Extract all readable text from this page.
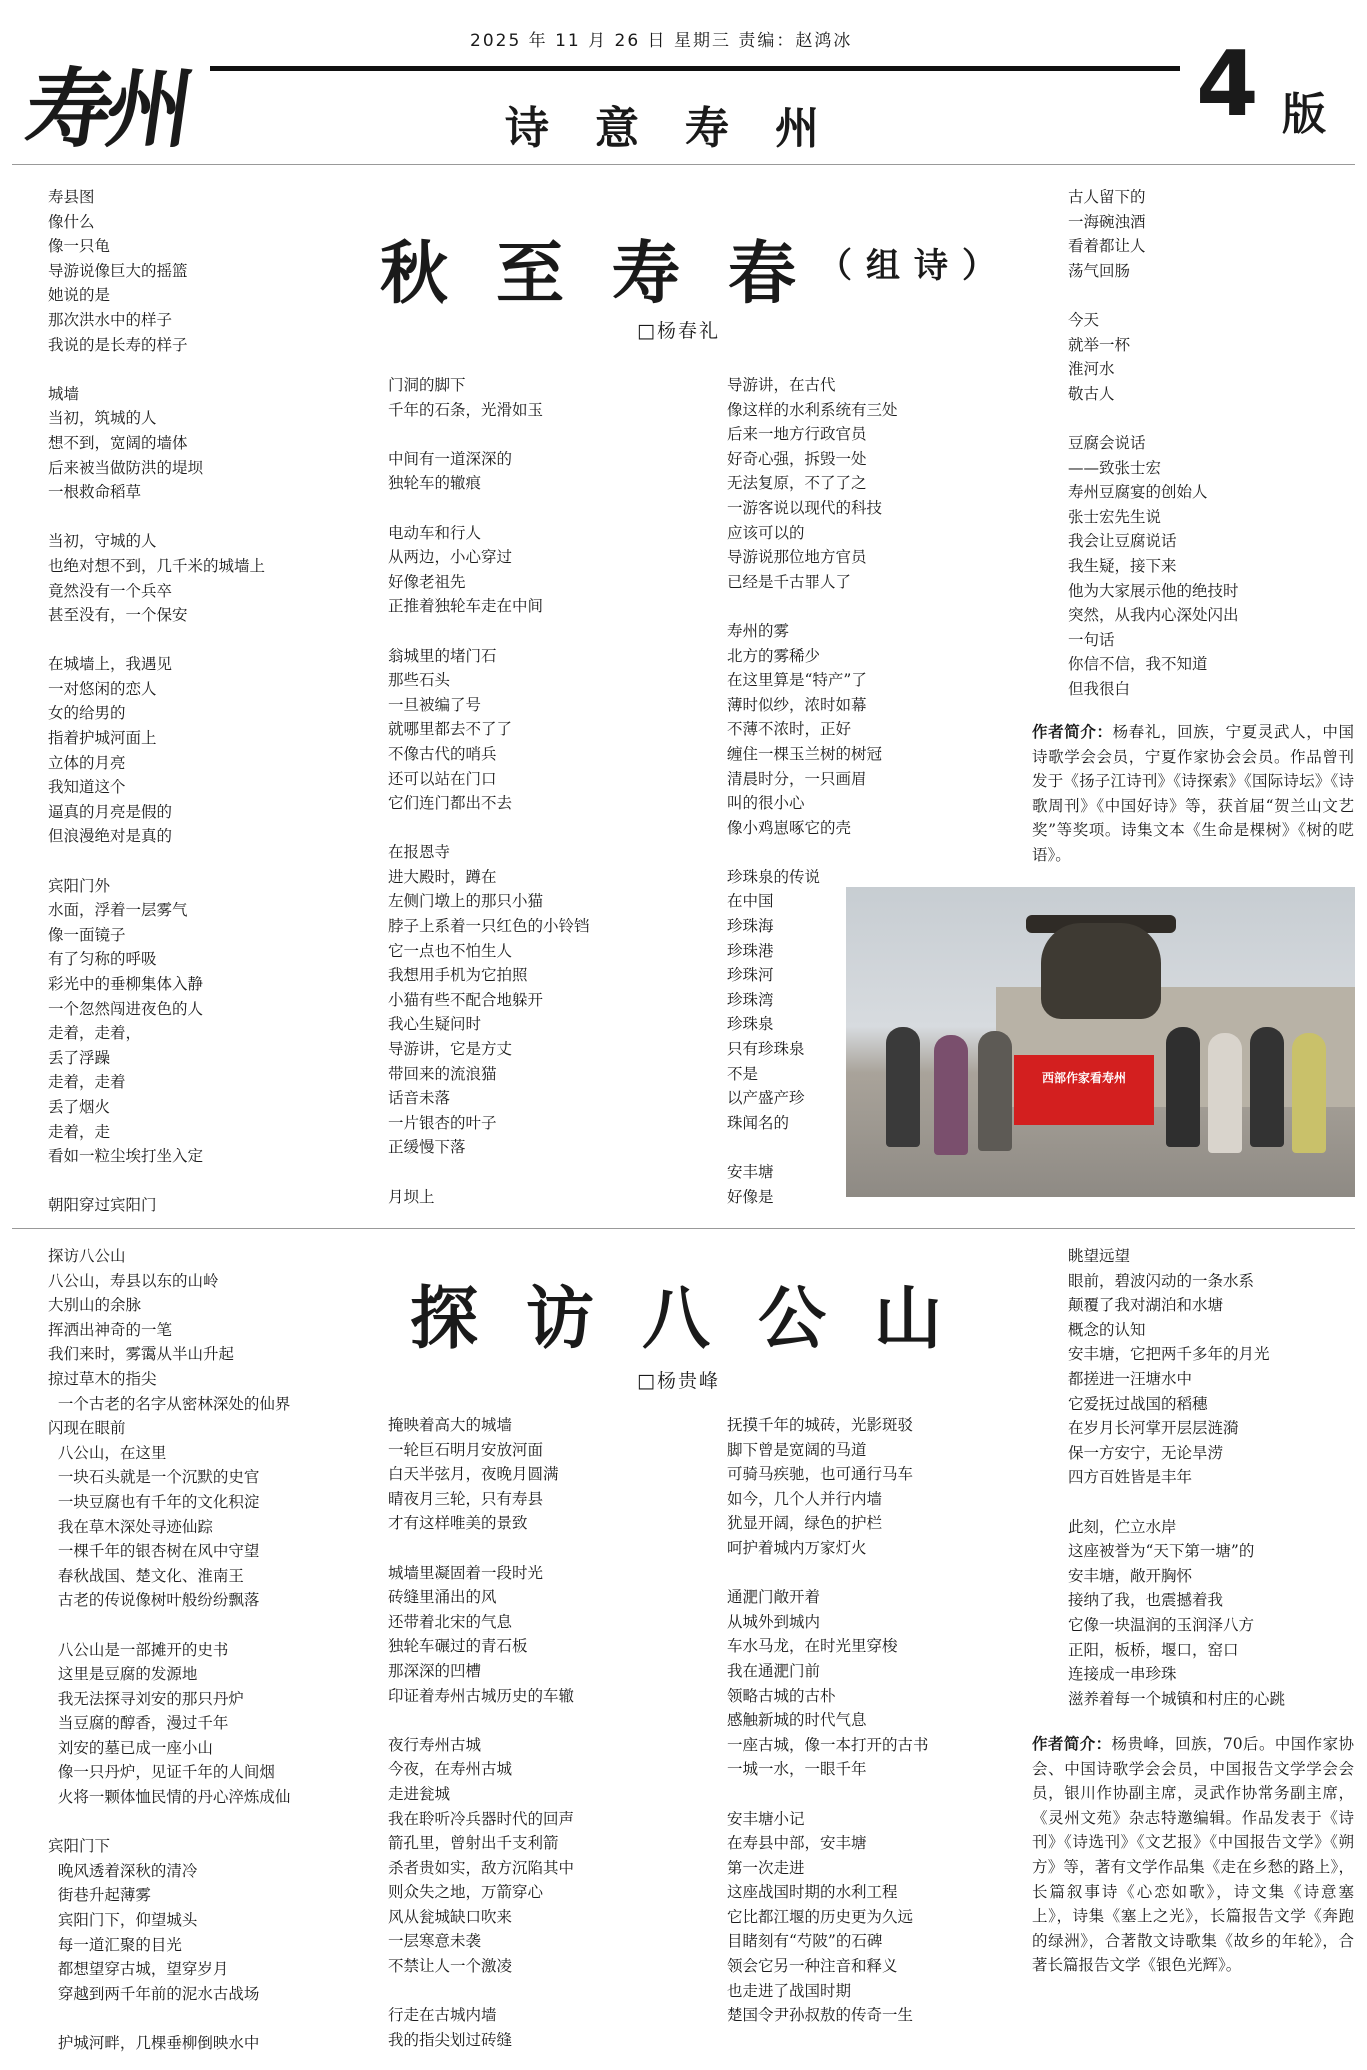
寿州
2025 年 11 月 26 日 星期三 责编：赵鸿冰
诗意寿州	4 版
秋至寿春
（组诗）
□杨春礼
寿县图
像什么
像一只龟
导游说像巨大的摇篮
她说的是
那次洪水中的样子
我说的是长寿的样子

城墙
当初，筑城的人
想不到，宽阔的墙体
后来被当做防洪的堤坝
一根救命稻草

当初，守城的人
也绝对想不到，几千米的城墙上
竟然没有一个兵卒
甚至没有，一个保安

在城墙上，我遇见
一对悠闲的恋人
女的给男的
指着护城河面上
立体的月亮
我知道这个
逼真的月亮是假的
但浪漫绝对是真的

宾阳门外
水面，浮着一层雾气
像一面镜子
有了匀称的呼吸
彩光中的垂柳集体入静
一个忽然闯进夜色的人
走着，走着，
丢了浮躁
走着，走着
丢了烟火
走着，走
看如一粒尘埃打坐入定

朝阳穿过宾阳门
门洞的脚下
千年的石条，光滑如玉

中间有一道深深的
独轮车的辙痕

电动车和行人
从两边，小心穿过
好像老祖先
正推着独轮车走在中间

翁城里的堵门石
那些石头
一旦被编了号
就哪里都去不了了
不像古代的哨兵
还可以站在门口
它们连门都出不去

在报恩寺
进大殿时，蹲在
左侧门墩上的那只小猫
脖子上系着一只红色的小铃铛
它一点也不怕生人
我想用手机为它拍照
小猫有些不配合地躲开
我心生疑问时
导游讲，它是方丈
带回来的流浪猫
话音未落
一片银杏的叶子
正缓慢下落

月坝上
导游讲，在古代
像这样的水利系统有三处
后来一地方行政官员
好奇心强，拆毁一处
无法复原，不了了之
一游客说以现代的科技
应该可以的
导游说那位地方官员
已经是千古罪人了

寿州的雾
北方的雾稀少
在这里算是“特产”了
薄时似纱，浓时如幕
不薄不浓时，正好
缠住一棵玉兰树的树冠
清晨时分，一只画眉
叫的很小心
像小鸡崽啄它的壳

珍珠泉的传说
在中国
珍珠海
珍珠港
珍珠河
珍珠湾
珍珠泉
只有珍珠泉
不是
以产盛产珍
珠闻名的

安丰塘
好像是
古人留下的
一海碗浊酒
看着都让人
荡气回肠

今天
就举一杯
淮河水
敬古人

豆腐会说话
——致张士宏
寿州豆腐宴的创始人
张士宏先生说
我会让豆腐说话
我生疑，接下来
他为大家展示他的绝技时
突然，从我内心深处闪出
一句话
你信不信，我不知道
但我很白
作者简介：杨春礼，回族，宁夏灵武人，中国诗歌学会会员，宁夏作家协会会员。作品曾刊发于《扬子江诗刊》《诗探索》《国际诗坛》《诗歌周刊》《中国好诗》等，获首届“贺兰山文艺奖”等奖项。诗集文本《生命是棵树》《树的呓语》。
西部作家看寿州
探访八公山
□杨贵峰
探访八公山
八公山，寿县以东的山岭
大别山的余脉
挥洒出神奇的一笔
我们来时，雾霭从半山升起
掠过草木的指尖
一个古老的名字从密林深处的仙界
闪现在眼前
八公山，在这里
一块石头就是一个沉默的史官
一块豆腐也有千年的文化积淀
我在草木深处寻迹仙踪
一棵千年的银杏树在风中守望
春秋战国、楚文化、淮南王
古老的传说像树叶般纷纷飘落

八公山是一部摊开的史书
这里是豆腐的发源地
我无法探寻刘安的那只丹炉
当豆腐的醇香，漫过千年
刘安的墓已成一座小山
像一只丹炉，见证千年的人间烟
火将一颗体恤民情的丹心淬炼成仙

宾阳门下
晚风透着深秋的清冷
街巷升起薄雾
宾阳门下，仰望城头
每一道汇聚的目光
都想望穿古城，望穿岁月
穿越到两千年前的泥水古战场

护城河畔，几棵垂柳倒映水中
掩映着高大的城墙
一轮巨石明月安放河面
白天半弦月，夜晚月圆满
晴夜月三轮，只有寿县
才有这样唯美的景致

城墙里凝固着一段时光
砖缝里涌出的风
还带着北宋的气息
独轮车碾过的青石板
那深深的凹槽
印证着寿州古城历史的车辙

夜行寿州古城
今夜，在寿州古城
走进瓮城
我在聆听冷兵器时代的回声
箭孔里，曾射出千支利箭
杀者贵如实，敌方沉陷其中
则众失之地，万箭穿心
风从瓮城缺口吹来
一层寒意未袭
不禁让人一个激凌

行走在古城内墙
我的指尖划过砖缝
抚摸千年的城砖，光影斑驳
脚下曾是宽阔的马道
可骑马疾驰，也可通行马车
如今，几个人并行内墙
犹显开阔，绿色的护栏
呵护着城内万家灯火

通淝门敞开着
从城外到城内
车水马龙，在时光里穿梭
我在通淝门前
领略古城的古朴
感触新城的时代气息
一座古城，像一本打开的古书
一城一水，一眼千年

安丰塘小记
在寿县中部，安丰塘
第一次走进
这座战国时期的水利工程
它比都江堰的历史更为久远
目睹刻有“芍陂”的石碑
领会它另一种注音和释义
也走进了战国时期
楚国令尹孙叔敖的传奇一生
眺望远望
眼前，碧波闪动的一条水系
颠覆了我对湖泊和水塘
概念的认知
安丰塘，它把两千多年的月光
都搓进一汪塘水中
它爱抚过战国的稻穗
在岁月长河掌开层层涟漪
保一方安宁，无论旱涝
四方百姓皆是丰年

此刻，伫立水岸
这座被誉为“天下第一塘”的
安丰塘，敞开胸怀
接纳了我，也震撼着我
它像一块温润的玉润泽八方
正阳，板桥，堰口，窑口
连接成一串珍珠
滋养着每一个城镇和村庄的心跳
作者简介：杨贵峰，回族，70后。中国作家协会、中国诗歌学会会员，中国报告文学学会会员，银川作协副主席，灵武作协常务副主席，《灵州文苑》杂志特邀编辑。作品发表于《诗刊》《诗选刊》《文艺报》《中国报告文学》《朔方》等，著有文学作品集《走在乡愁的路上》，长篇叙事诗《心恋如歌》，诗文集《诗意塞上》，诗集《塞上之光》，长篇报告文学《奔跑的绿洲》，合著散文诗歌集《故乡的年轮》，合著长篇报告文学《银色光辉》。
